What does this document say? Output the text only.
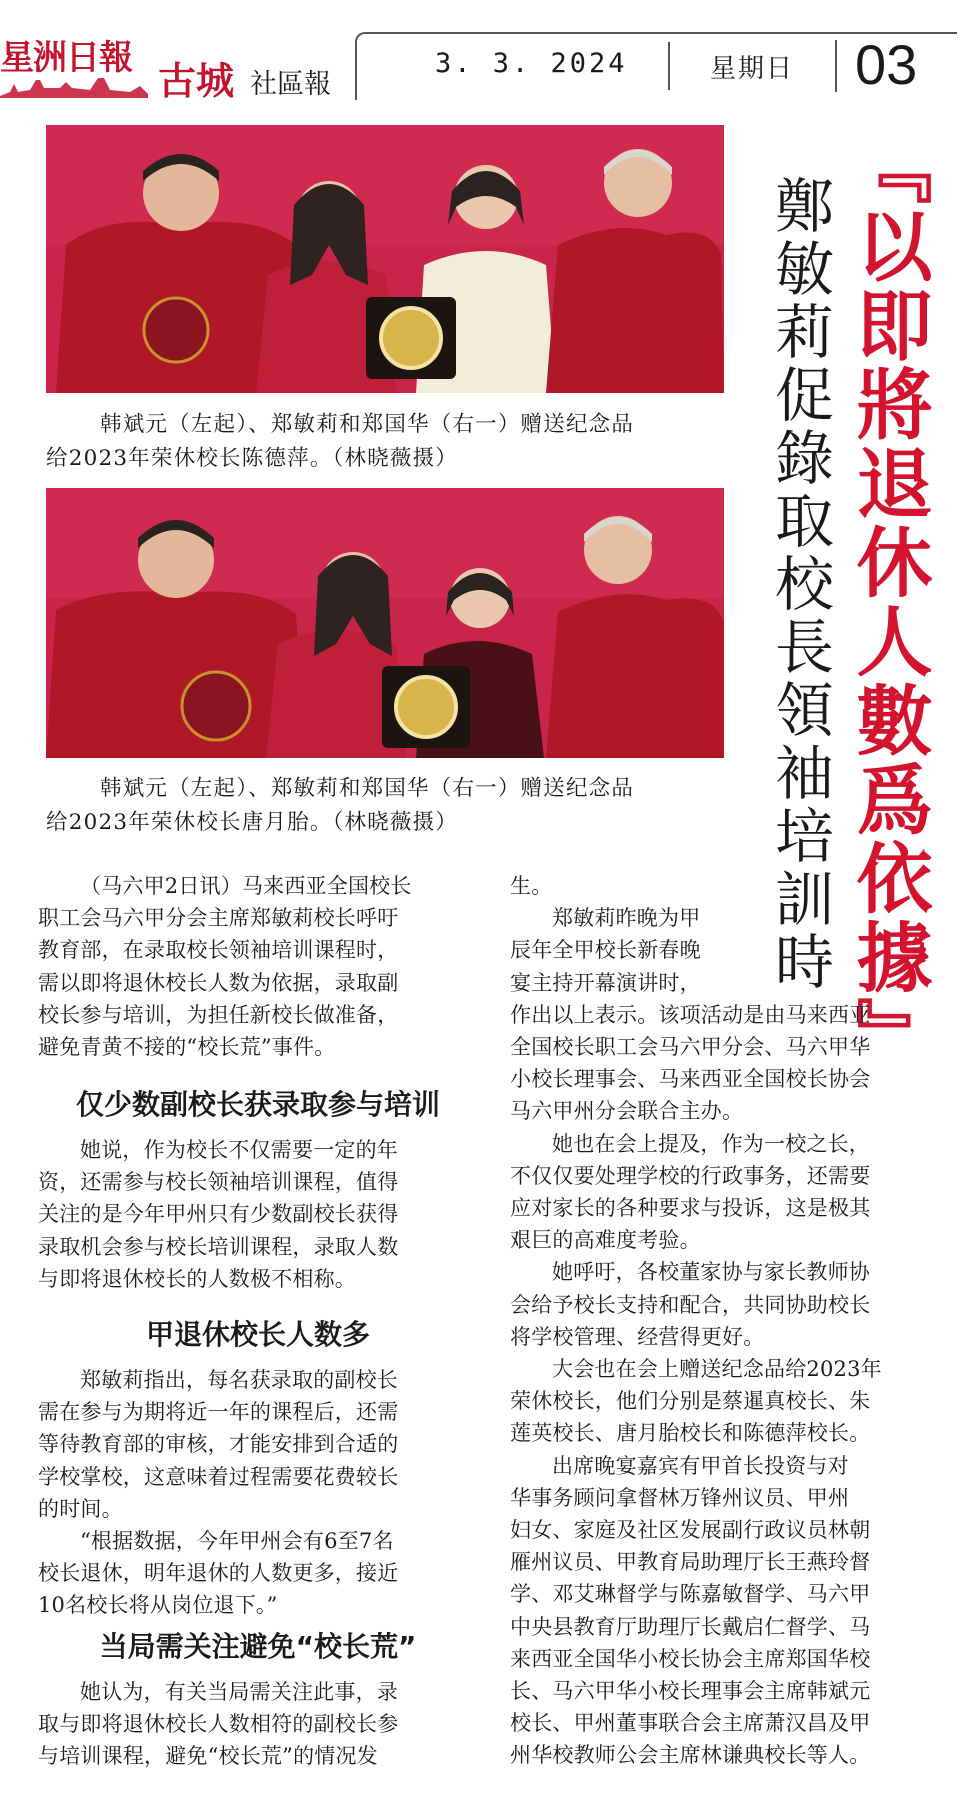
星洲日報
古城 社區報
3. 3. 2024	星期日 03
韩斌元（左起）、郑敏莉和郑国华（右一）赠送纪念品
给2023年荣休校长陈德萍。（林晓薇摄）
韩斌元（左起）、郑敏莉和郑国华（右一）赠送纪念品
给2023年荣休校长唐月胎。（林晓薇摄）	『以即將退休人數爲依據』
鄭敏莉促錄取校長領袖培訓時
（马六甲2日讯）马来西亚全国校长
职工会马六甲分会主席郑敏莉校长呼吁
教育部，在录取校长领袖培训课程时，
需以即将退休校长人数为依据，录取副
校长参与培训，为担任新校长做准备，
避免青黄不接的“校长荒”事件。
仅少数副校长获录取参与培训
她说，作为校长不仅需要一定的年
资，还需参与校长领袖培训课程，值得
关注的是今年甲州只有少数副校长获得
录取机会参与校长培训课程，录取人数
与即将退休校长的人数极不相称。
甲退休校长人数多
郑敏莉指出，每名获录取的副校长
需在参与为期将近一年的课程后，还需
等待教育部的审核，才能安排到合适的
学校掌校，这意味着过程需要花费较长
的时间。
“根据数据，今年甲州会有6至7名
校长退休，明年退休的人数更多，接近
10名校长将从岗位退下。”
当局需关注避免“校长荒”
她认为，有关当局需关注此事，录
取与即将退休校长人数相符的副校长参
与培训课程，避免“校长荒”的情况发
生。
郑敏莉昨晚为甲
辰年全甲校长新春晚
宴主持开幕演讲时，
作出以上表示。该项活动是由马来西亚
全国校长职工会马六甲分会、马六甲华
小校长理事会、马来西亚全国校长协会
马六甲州分会联合主办。
她也在会上提及，作为一校之长，
不仅仅要处理学校的行政事务，还需要
应对家长的各种要求与投诉，这是极其
艰巨的高难度考验。
她呼吁，各校董家协与家长教师协
会给予校长支持和配合，共同协助校长
将学校管理、经营得更好。
大会也在会上赠送纪念品给2023年
荣休校长，他们分别是蔡暹真校长、朱
莲英校长、唐月胎校长和陈德萍校长。
出席晚宴嘉宾有甲首长投资与对
华事务顾问拿督林万锋州议员、甲州
妇女、家庭及社区发展副行政议员林朝
雁州议员、甲教育局助理厅长王燕玲督
学、邓艾琳督学与陈嘉敏督学、马六甲
中央县教育厅助理厅长戴启仁督学、马
来西亚全国华小校长协会主席郑国华校
长、马六甲华小校长理事会主席韩斌元
校长、甲州董事联合会主席萧汉昌及甲
州华校教师公会主席林谦典校长等人。
